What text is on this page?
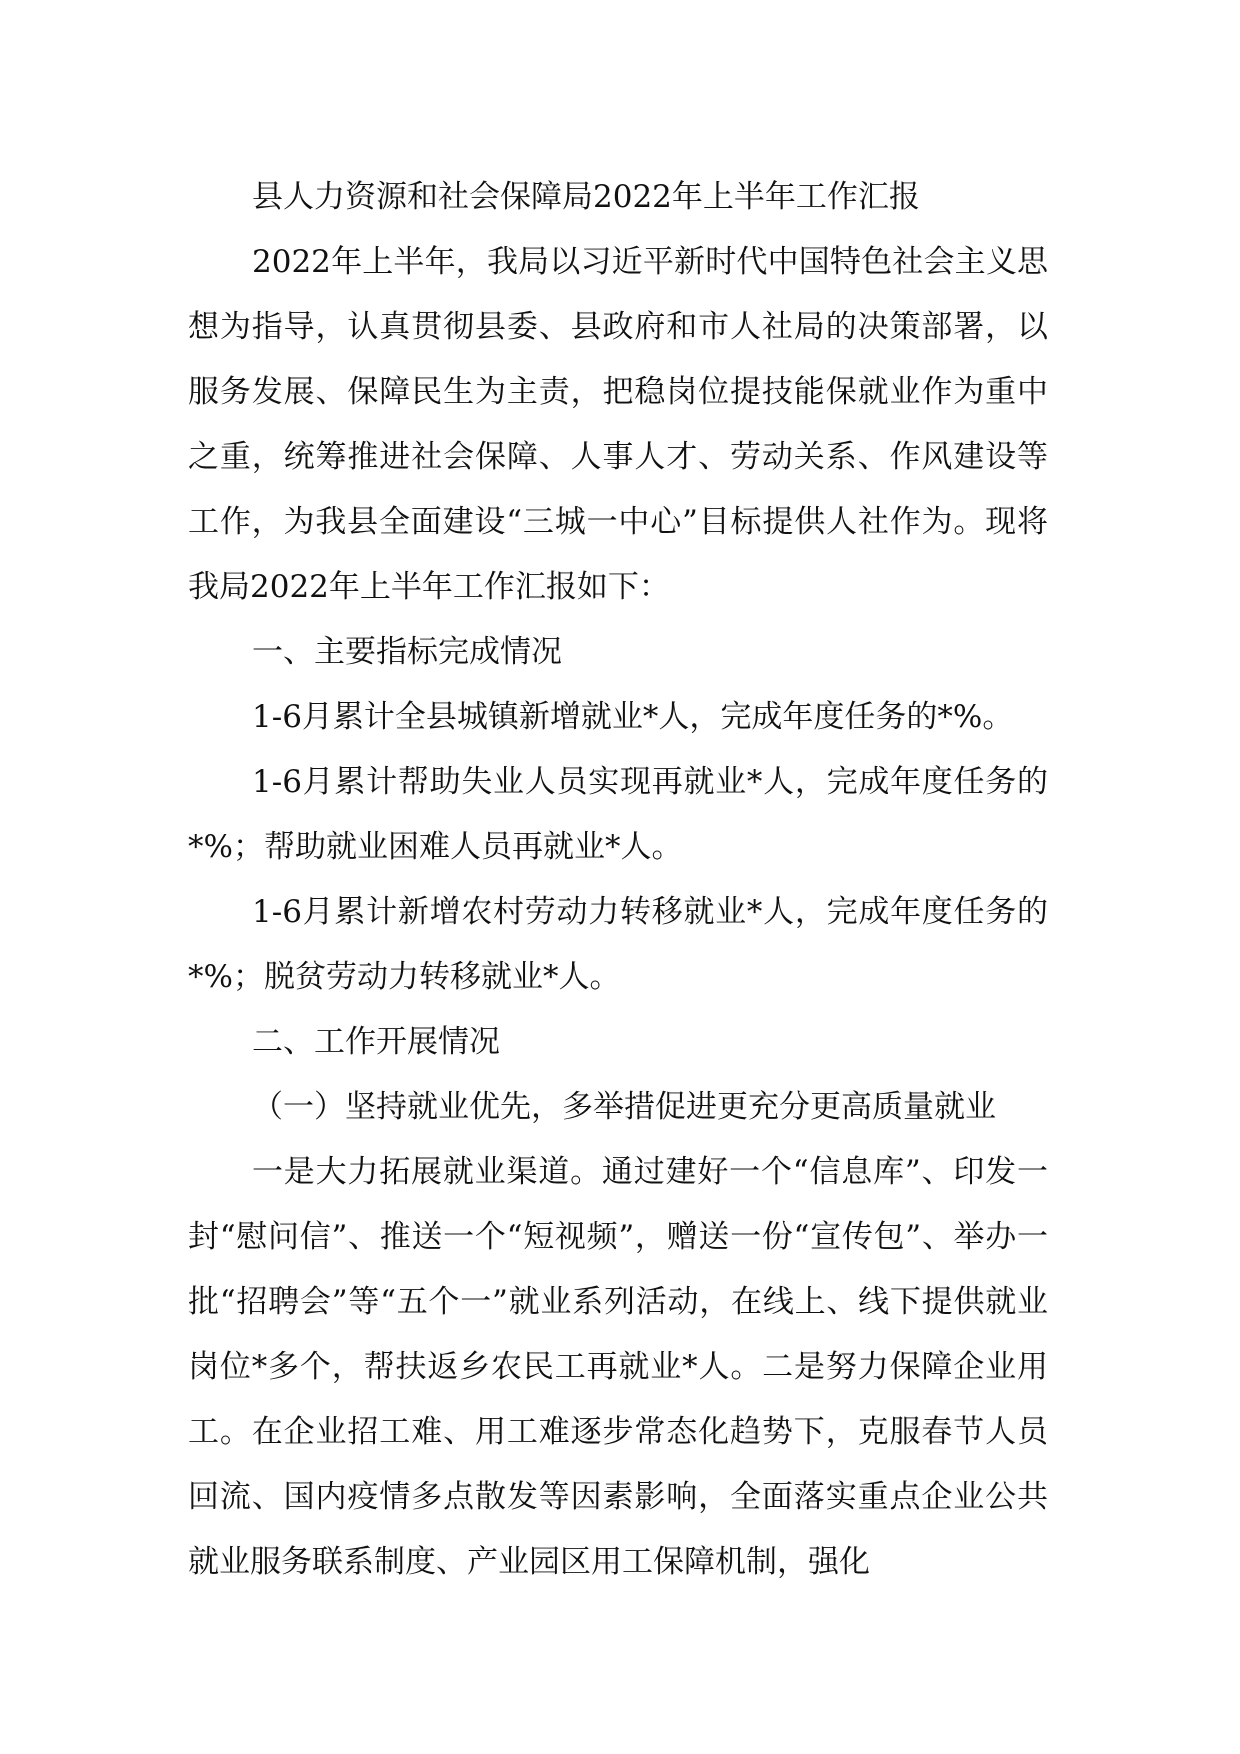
县人力资源和社会保障局2022年上半年工作汇报

2022年上半年，我局以习近平新时代中国特色社会主义思想为指导，认真贯彻县委、县政府和市人社局的决策部署，以服务发展、保障民生为主责，把稳岗位提技能保就业作为重中之重，统筹推进社会保障、人事人才、劳动关系、作风建设等工作，为我县全面建设“三城一中心”目标提供人社作为。现将我局2022年上半年工作汇报如下：

一、主要指标完成情况

1-6月累计全县城镇新增就业*人，完成年度任务的*%。

1-6月累计帮助失业人员实现再就业*人，完成年度任务的*%；帮助就业困难人员再就业*人。

1-6月累计新增农村劳动力转移就业*人，完成年度任务的*%；脱贫劳动力转移就业*人。

二、工作开展情况

（一）坚持就业优先，多举措促进更充分更高质量就业

一是大力拓展就业渠道。通过建好一个“信息库”、印发一封“慰问信”、推送一个“短视频”，赠送一份“宣传包”、举办一批“招聘会”等“五个一”就业系列活动，在线上、线下提供就业岗位*多个，帮扶返乡农民工再就业*人。二是努力保障企业用工。在企业招工难、用工难逐步常态化趋势下，克服春节人员回流、国内疫情多点散发等因素影响，全面落实重点企业公共就业服务联系制度、产业园区用工保障机制，强化
